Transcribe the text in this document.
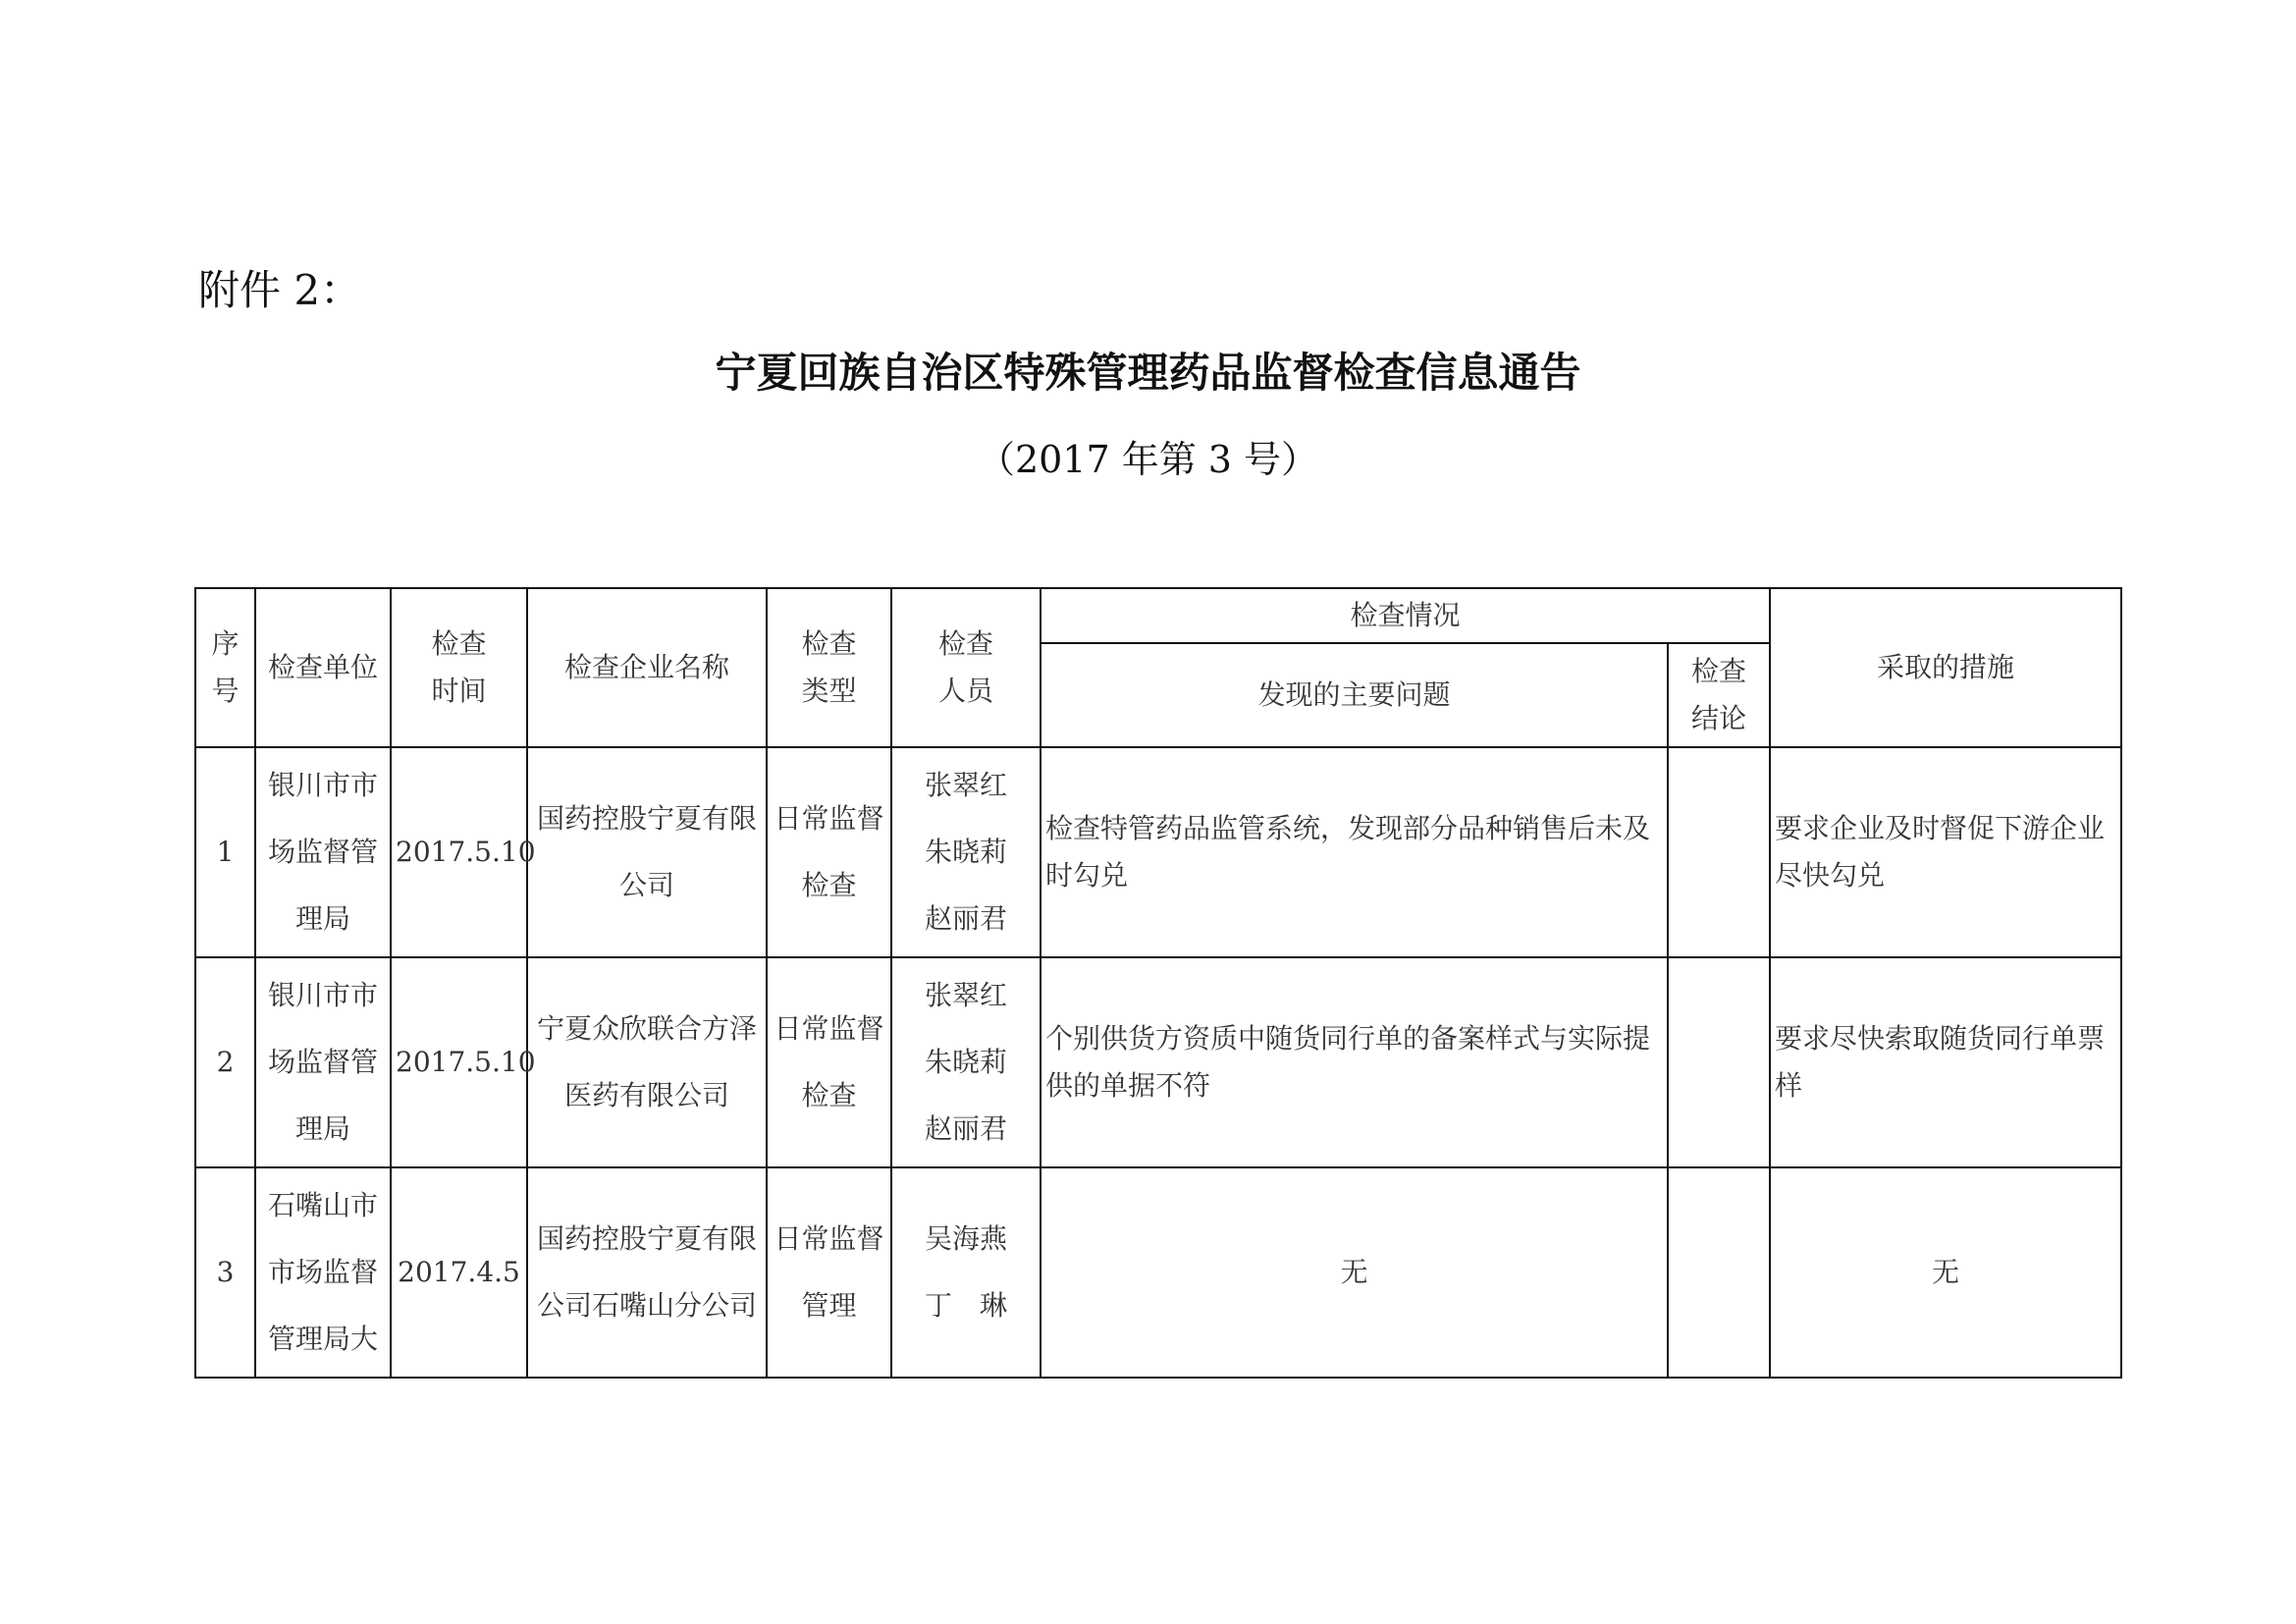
附件 2：

宁夏回族自治区特殊管理药品监督检查信息通告

（2017 年第 3 号）

序号	检查单位	检查时间	检查企业名称	检查类型	检查人员	检查情况		采取的措施

						发现的主要问题	检查结论	

1	银川市市场监督管理局	2017.5.10	国药控股宁夏有限公司	日常监督检查	张翠红朱晓莉赵丽君	检查特管药品监管系统，发现部分品种销售后未及时勾兑		要求企业及时督促下游企业尽快勾兑
2	银川市市场监督管理局	2017.5.10	宁夏众欣联合方泽医药有限公司	日常监督检查	张翠红朱晓莉赵丽君	个别供货方资质中随货同行单的备案样式与实际提供的单据不符		要求尽快索取随货同行单票样
3	石嘴山市市场监督管理局大	2017.4.5	国药控股宁夏有限公司石嘴山分公司	日常监督管理	吴海燕丁　琳	无		无
